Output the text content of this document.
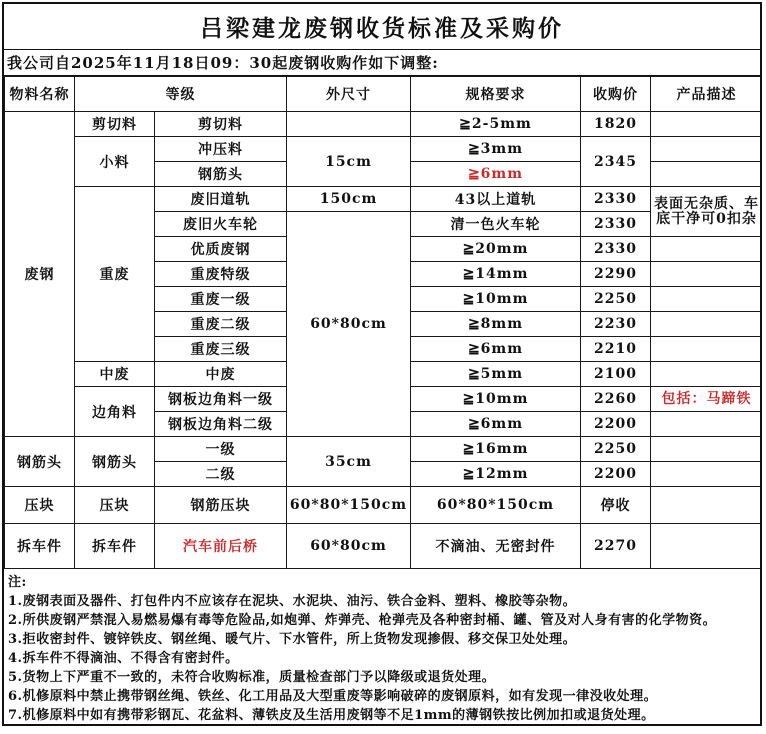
吕梁建龙废钢收货标准及采购价
我公司自2025年11月18日09：30起废钢收购作如下调整:
物料名称	等级		外尺寸	规格要求	收购价	产品描述
废钢	剪切料	剪切料		≧2-5mm	1820	
	小料	冲压料	15cm	≧3mm	2345	
		钢筋头		≧6mm		
	重废	废旧道轨	150cm	43以上道轨	2330	表面无杂质、车底干净可0扣杂
		废旧火车轮	60*80cm	清一色火车轮	2330	
		优质废钢		≧20mm	2330	
		重废特级		≧14mm	2290	
		重废一级		≧10mm	2250	
		重废二级		≧8mm	2230	
		重废三级		≧6mm	2210	
	中废	中废		≧5mm	2100	
	边角料	钢板边角料一级		≧10mm	2260	包括：马蹄铁
		钢板边角料二级		≧6mm	2200	
钢筋头	钢筋头	一级	35cm	≧16mm	2250	
		二级		≧12mm	2200	
压块	压块	钢筋压块	60*80*150cm	60*80*150cm	停收	
拆车件	拆车件	汽车前后桥	60*80cm	不滴油、无密封件	2270	
注:
1.废钢表面及器件、打包件内不应该存在泥块、水泥块、油污、铁合金料、塑料、橡胶等杂物。
2.所供废钢严禁混入易燃易爆有毒等危险品,如炮弹、炸弹壳、枪弹壳及各种密封桶、罐、管及对人身有害的化学物资。
3.拒收密封件、镀锌铁皮、钢丝绳、暖气片、下水管件，所上货物发现掺假、移交保卫处处理。
4.拆车件不得滴油、不得含有密封件。
5.货物上下严重不一致的，未符合收购标准，质量检查部门予以降级或退货处理。
6.机修原料中禁止携带钢丝绳、铁丝、化工用品及大型重废等影响破碎的废钢原料，如有发现一律没收处理。
7.机修原料中如有携带彩钢瓦、花盆料、薄铁皮及生活用废钢等不足1mm的薄钢铁按比例加扣或退货处理。
